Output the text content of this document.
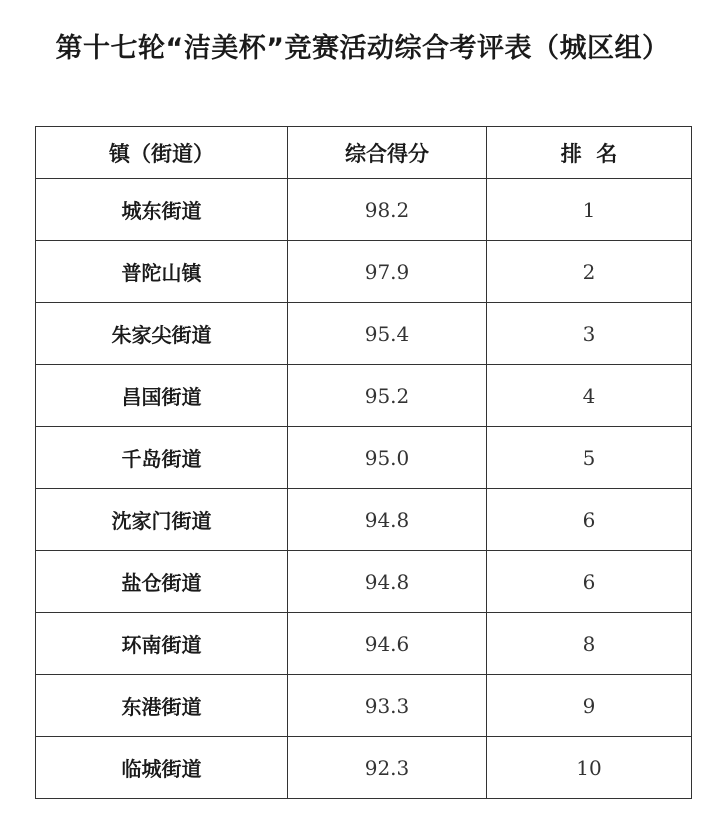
第十七轮“洁美杯”竞赛活动综合考评表（城区组）
镇（街道）	综合得分	排  名
城东街道	98.2	1
普陀山镇	97.9	2
朱家尖街道	95.4	3
昌国街道	95.2	4
千岛街道	95.0	5
沈家门街道	94.8	6
盐仓街道	94.8	6
环南街道	94.6	8
东港街道	93.3	9
临城街道	92.3	10
